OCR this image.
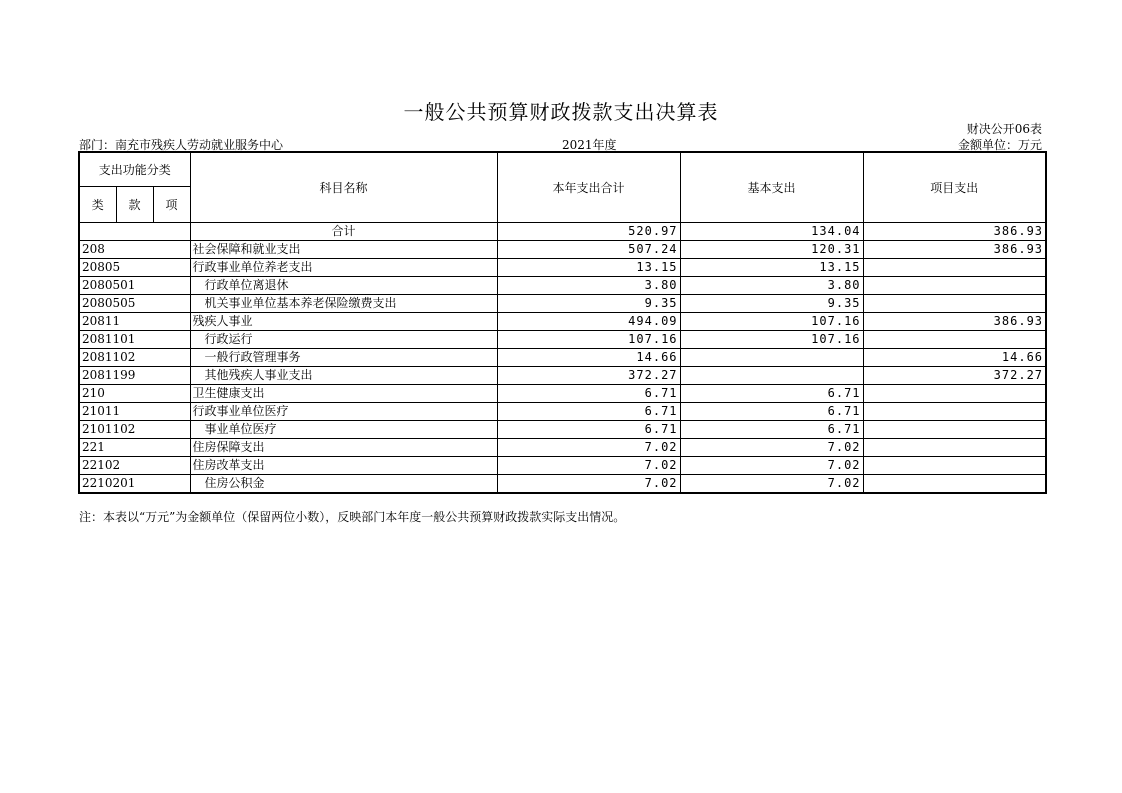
一般公共预算财政拨款支出决算表
财决公开06表
部门：南充市残疾人劳动就业服务中心	2021年度	金额单位：万元
支出功能分类			科目名称	本年支出合计	基本支出	项目支出
类	款	项				
			合计	520.97	134.04	386.93
208			社会保障和就业支出	507.24	120.31	386.93
20805			行政事业单位养老支出	13.15	13.15	
2080501			行政单位离退休	3.80	3.80	
2080505			机关事业单位基本养老保险缴费支出	9.35	9.35	
20811			残疾人事业	494.09	107.16	386.93
2081101			行政运行	107.16	107.16	
2081102			一般行政管理事务	14.66		14.66
2081199			其他残疾人事业支出	372.27		372.27
210			卫生健康支出	6.71	6.71	
21011			行政事业单位医疗	6.71	6.71	
2101102			事业单位医疗	6.71	6.71	
221			住房保障支出	7.02	7.02	
22102			住房改革支出	7.02	7.02	
2210201			住房公积金	7.02	7.02	
注：本表以“万元”为金额单位（保留两位小数），反映部门本年度一般公共预算财政拨款实际支出情况。
